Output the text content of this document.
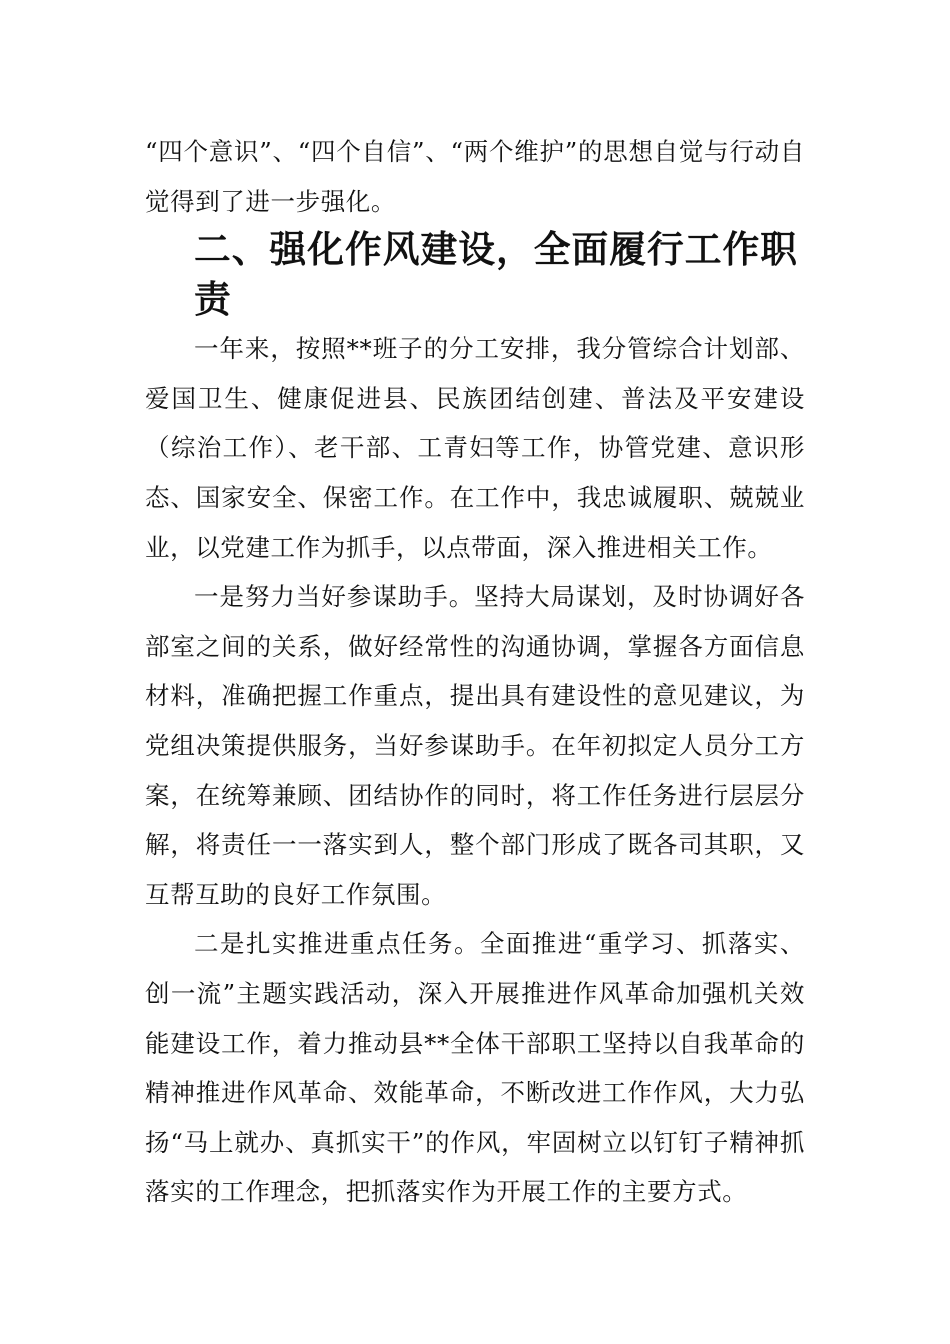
“四个意识”、“四个自信”、“两个维护”的思想自觉与行动自觉得到了进一步强化。

二、强化作风建设，全面履行工作职责

一年来，按照**班子的分工安排，我分管综合计划部、爱国卫生、健康促进县、民族团结创建、普法及平安建设（综治工作）、老干部、工青妇等工作，协管党建、意识形态、国家安全、保密工作。在工作中，我忠诚履职、兢兢业业，以党建工作为抓手，以点带面，深入推进相关工作。

一是努力当好参谋助手。坚持大局谋划，及时协调好各部室之间的关系，做好经常性的沟通协调，掌握各方面信息材料，准确把握工作重点，提出具有建设性的意见建议，为党组决策提供服务，当好参谋助手。在年初拟定人员分工方案，在统筹兼顾、团结协作的同时，将工作任务进行层层分解，将责任一一落实到人，整个部门形成了既各司其职，又互帮互助的良好工作氛围。

二是扎实推进重点任务。全面推进“重学习、抓落实、创一流”主题实践活动，深入开展推进作风革命加强机关效能建设工作，着力推动县**全体干部职工坚持以自我革命的精神推进作风革命、效能革命，不断改进工作作风，大力弘扬“马上就办、真抓实干”的作风，牢固树立以钉钉子精神抓落实的工作理念，把抓落实作为开展工作的主要方式。
